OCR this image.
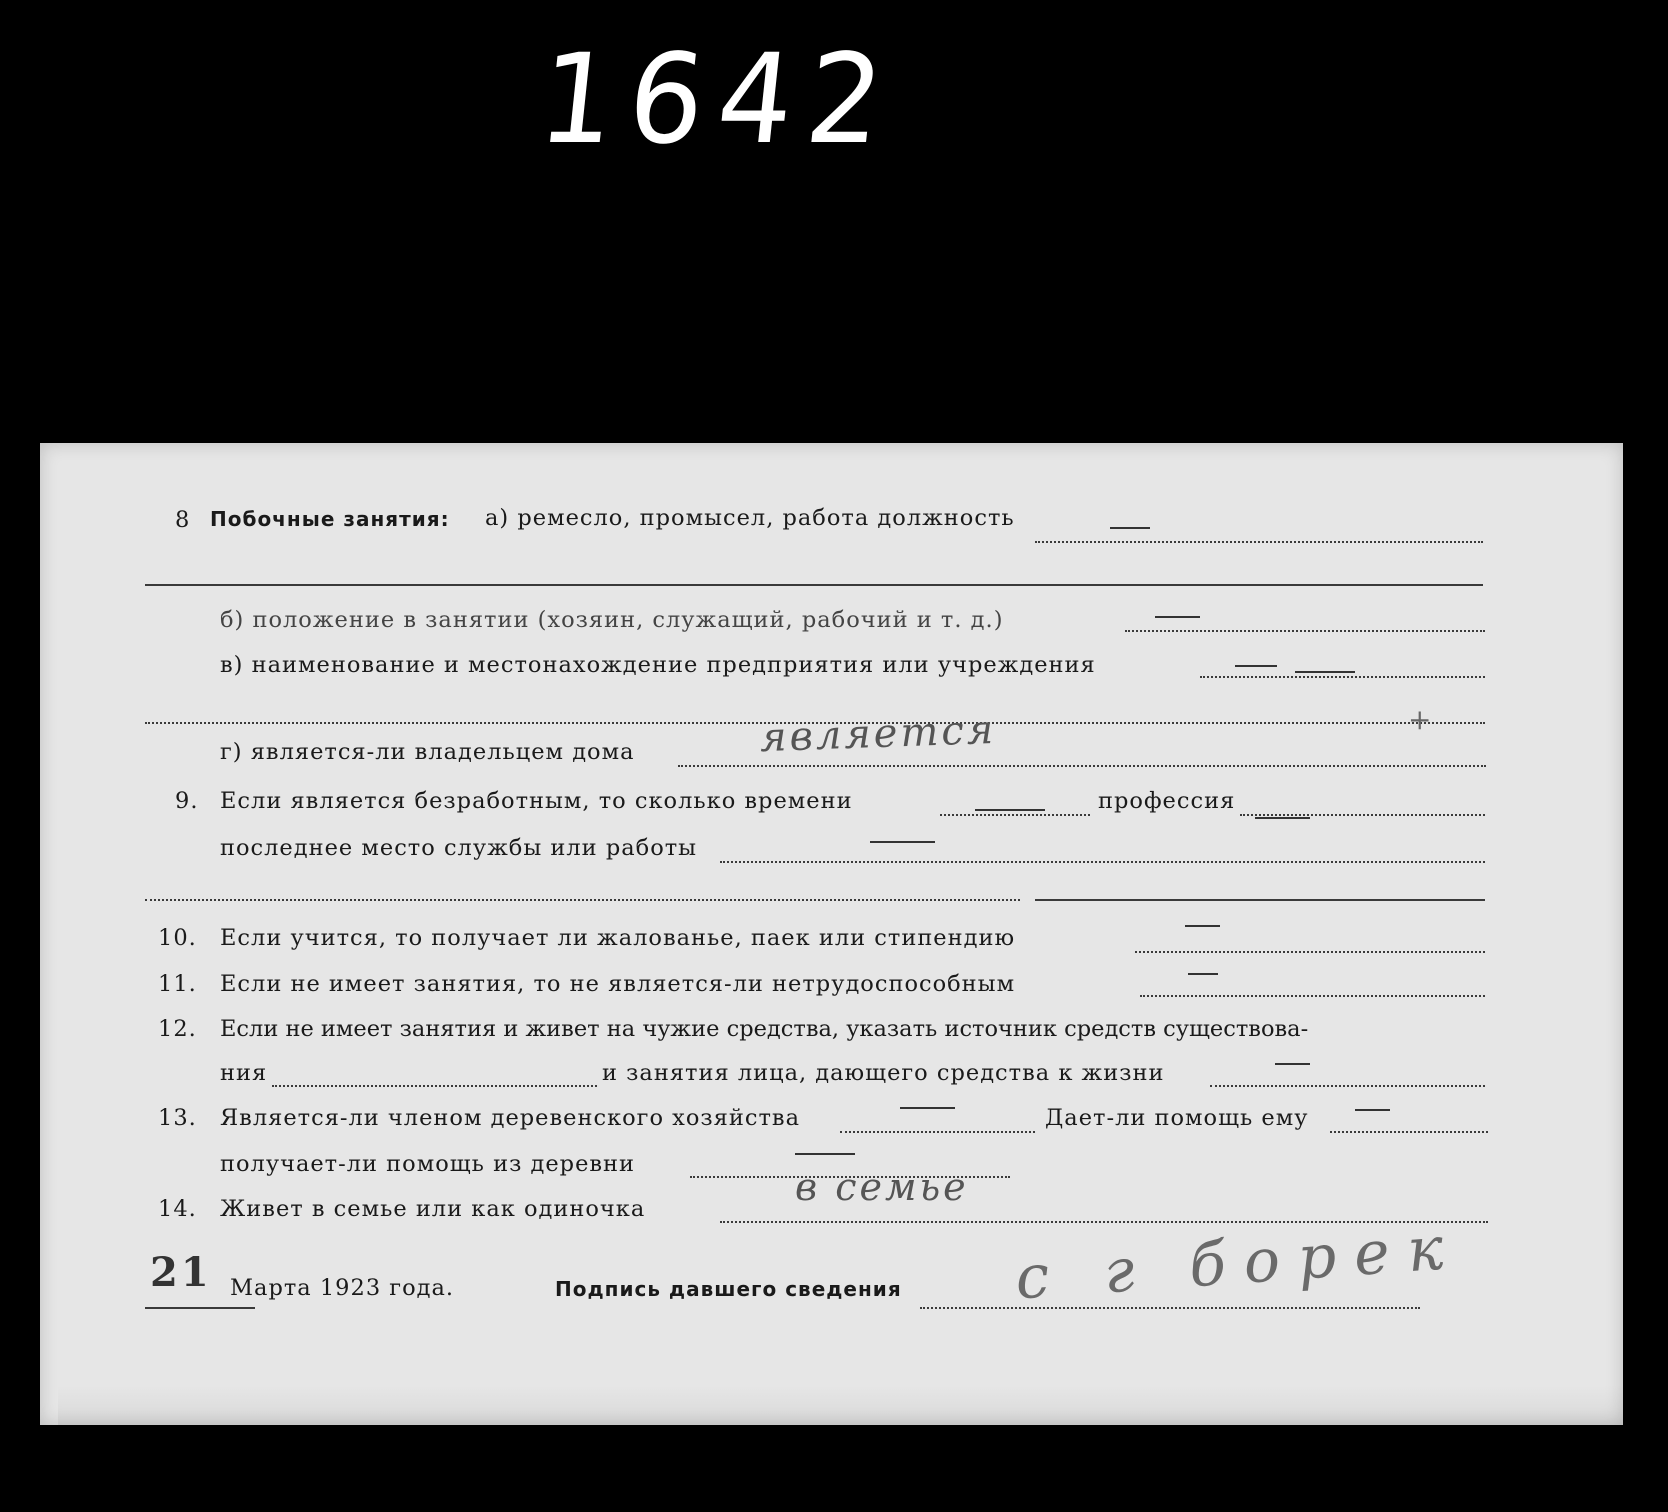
1642
8 Побочные занятия: а) ремесло, промысел, работа должность
б) положение в занятии (хозяин, служащий, рабочий и т. д.)
в) наименование и местонахождение предприятия или учреждения
+
г) является-ли владельцем дома	является
9. Если является безработным, то сколько времени	профессия
последнее место службы или работы
10. Если учится, то получает ли жалованье, паек или стипендию
11. Если не имеет занятия, то не является-ли нетрудоспособным
12. Если не имеет занятия и живет на чужие средства, указать источник средств существова-
ния	и занятия лица, дающего средства к жизни
13. Является-ли членом деревенского хозяйства	Дает-ли помощь ему
получает-ли помощь из деревни
14. Живет в семье или как одиночка	в семье
21 Марта 1923 года.	Подпись давшего сведения с г борек
